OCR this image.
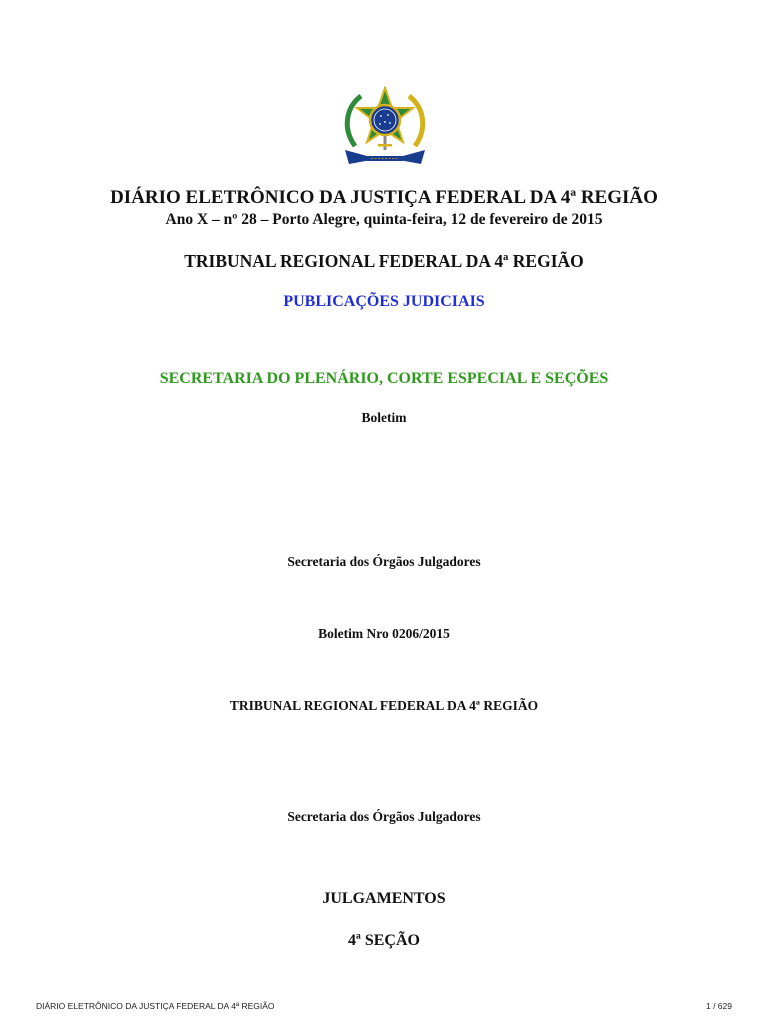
DIÁRIO ELETRÔNICO DA JUSTIÇA FEDERAL DA 4ª REGIÃO
Ano X – nº 28 – Porto Alegre, quinta-feira, 12 de fevereiro de 2015
TRIBUNAL REGIONAL FEDERAL DA 4ª REGIÃO
PUBLICAÇÕES JUDICIAIS
SECRETARIA DO PLENÁRIO, CORTE ESPECIAL E SEÇÕES
Boletim
Secretaria dos Órgãos Julgadores
Boletim Nro 0206/2015
TRIBUNAL REGIONAL FEDERAL DA 4ª REGIÃO
Secretaria dos Órgãos Julgadores
JULGAMENTOS
4ª SEÇÃO
DIÁRIO ELETRÔNICO DA JUSTIÇA FEDERAL DA 4ª REGIÃO	1 / 629
